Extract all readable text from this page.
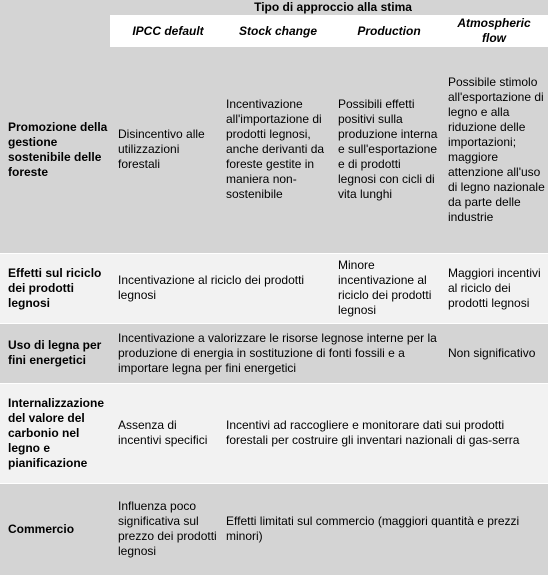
	Tipo di approccio alla stima			
	IPCC default	Stock change	Production	Atmospheric flow
Promozione della gestione sostenibile delle foreste	Disincentivo alle utilizzazioni forestali	Incentivazione all'importazione di prodotti legnosi, anche derivanti da foreste gestite in maniera non-sostenibile	Possibili effetti positivi sulla produzione interna e sull'esportazione e di prodotti legnosi con cicli di vita lunghi	Possibile stimolo all'esportazione di legno e alla riduzione delle importazioni; maggiore attenzione all'uso di legno nazionale da parte delle industrie
Effetti sul riciclo dei prodotti legnosi	Incentivazione al riciclo dei prodotti legnosi		Minore incentivazione al riciclo dei prodotti legnosi	Maggiori incentivi al riciclo dei prodotti legnosi
Uso di legna per fini energetici	Incentivazione a valorizzare le risorse legnose interne per la produzione di energia in sostituzione di fonti fossili e a importare legna per fini energetici			Non significativo
Internalizzazione del valore del carbonio nel legno e pianificazione	Assenza di incentivi specifici	Incentivi ad raccogliere e monitorare dati sui prodotti forestali per costruire gli inventari nazionali di gas-serra		
Commercio	Influenza poco significativa sul prezzo dei prodotti legnosi	Effetti limitati sul commercio (maggiori quantità e prezzi minori)		
